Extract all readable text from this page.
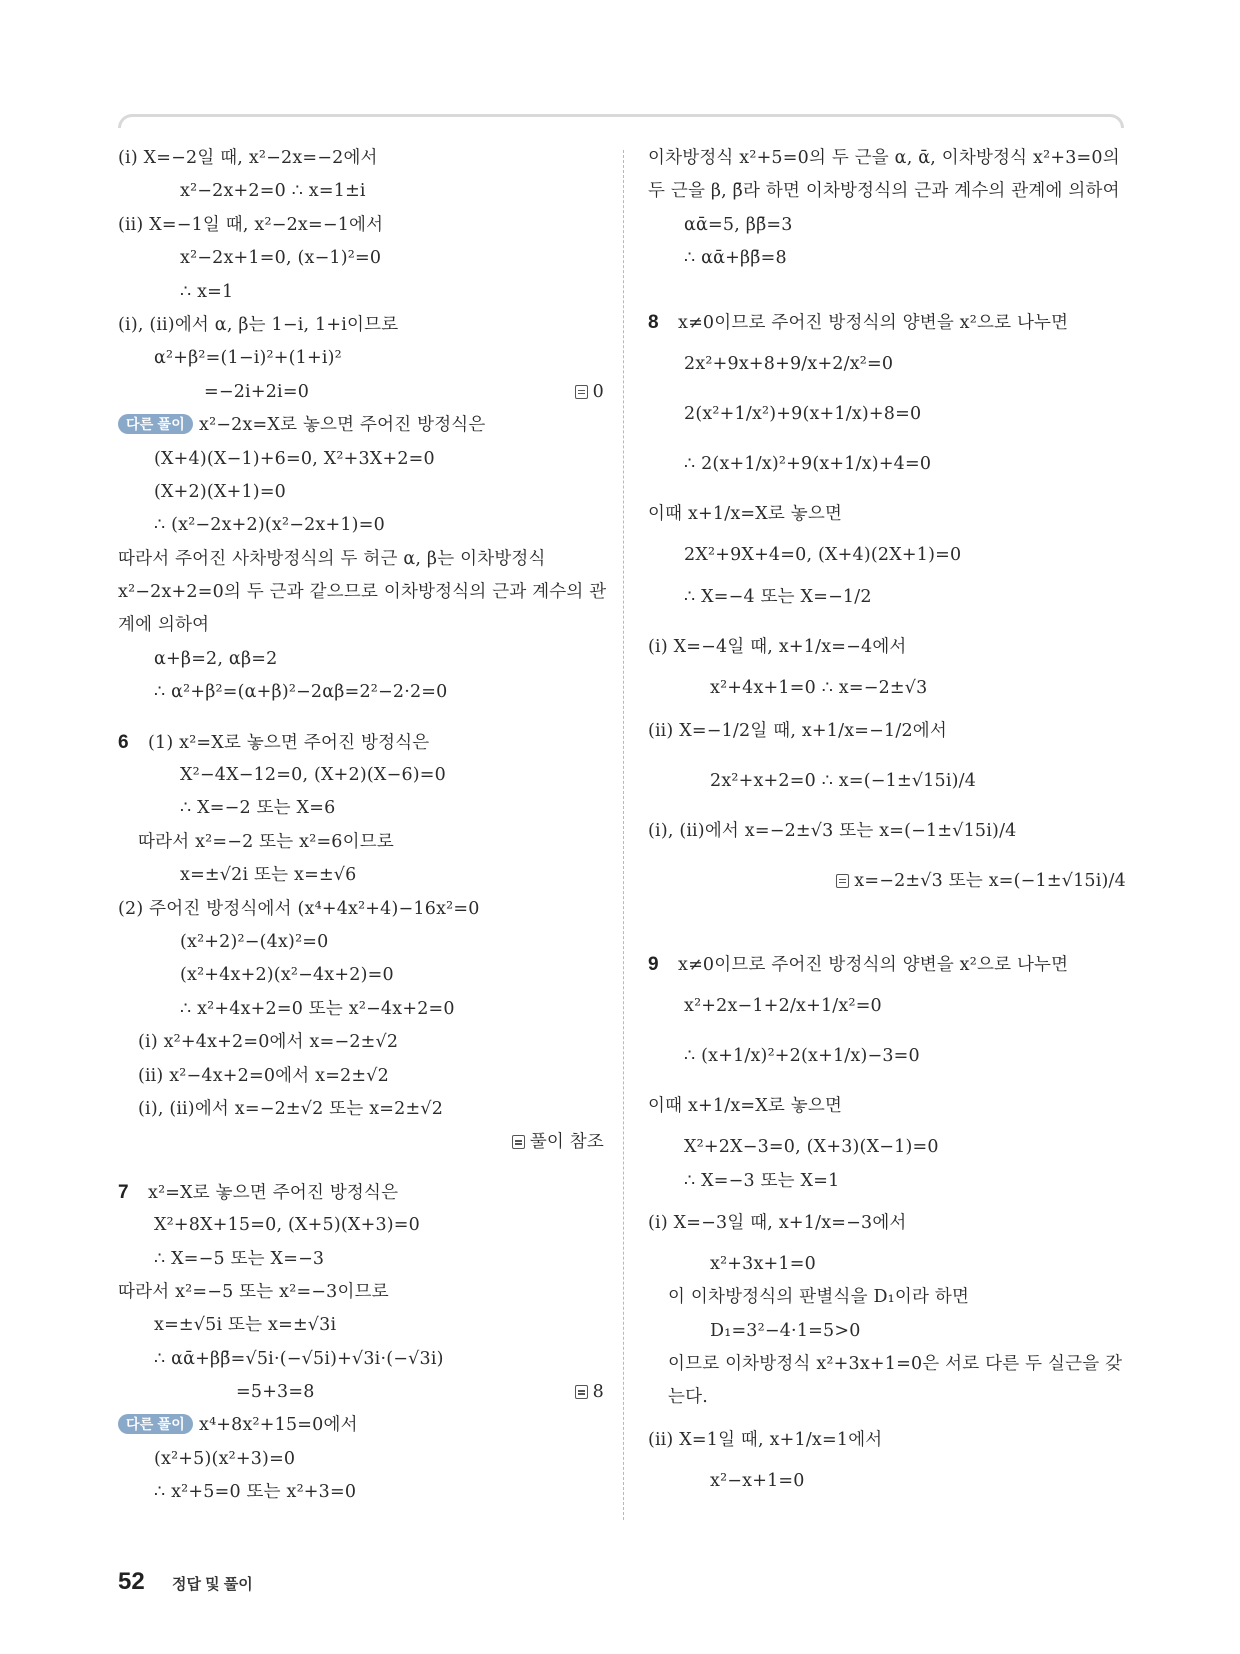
(ⅰ) X=−2일 때, x²−2x=−2에서
x²−2x+2=0 ∴ x=1±i
(ⅱ) X=−1일 때, x²−2x=−1에서
x²−2x+1=0, (x−1)²=0
∴ x=1
(ⅰ), (ⅱ)에서 α, β는 1−i, 1+i이므로
α²+β²=(1−i)²+(1+i)²
=−2i+2i=0	0
다른 풀이 x²−2x=X로 놓으면 주어진 방정식은
(X+4)(X−1)+6=0, X²+3X+2=0
(X+2)(X+1)=0
∴ (x²−2x+2)(x²−2x+1)=0
따라서 주어진 사차방정식의 두 허근 α, β는 이차방정식
x²−2x+2=0의 두 근과 같으므로 이차방정식의 근과 계수의 관
계에 의하여
α+β=2, αβ=2
∴ α²+β²=(α+β)²−2αβ=2²−2·2=0
6 (1) x²=X로 놓으면 주어진 방정식은
X²−4X−12=0, (X+2)(X−6)=0
∴ X=−2 또는 X=6
따라서 x²=−2 또는 x²=6이므로
x=±√2i 또는 x=±√6
(2) 주어진 방정식에서 (x⁴+4x²+4)−16x²=0
(x²+2)²−(4x)²=0
(x²+4x+2)(x²−4x+2)=0
∴ x²+4x+2=0 또는 x²−4x+2=0
(ⅰ) x²+4x+2=0에서 x=−2±√2
(ⅱ) x²−4x+2=0에서 x=2±√2
(ⅰ), (ⅱ)에서 x=−2±√2 또는 x=2±√2
풀이 참조
7 x²=X로 놓으면 주어진 방정식은
X²+8X+15=0, (X+5)(X+3)=0
∴ X=−5 또는 X=−3
따라서 x²=−5 또는 x²=−3이므로
x=±√5i 또는 x=±√3i
∴ αᾱ+ββ̄=√5i·(−√5i)+√3i·(−√3i)
=5+3=8	8
다른 풀이 x⁴+8x²+15=0에서
(x²+5)(x²+3)=0
∴ x²+5=0 또는 x²+3=0
이차방정식 x²+5=0의 두 근을 α, ᾱ, 이차방정식 x²+3=0의
두 근을 β, β̄라 하면 이차방정식의 근과 계수의 관계에 의하여
αᾱ=5, ββ̄=3
∴ αᾱ+ββ̄=8
8 x≠0이므로 주어진 방정식의 양변을 x²으로 나누면
2x²+9x+8+9/x+2/x²=0
2(x²+1/x²)+9(x+1/x)+8=0
∴ 2(x+1/x)²+9(x+1/x)+4=0
이때 x+1/x=X로 놓으면
2X²+9X+4=0, (X+4)(2X+1)=0
∴ X=−4 또는 X=−1/2
(ⅰ) X=−4일 때, x+1/x=−4에서
x²+4x+1=0 ∴ x=−2±√3
(ⅱ) X=−1/2일 때, x+1/x=−1/2에서
2x²+x+2=0 ∴ x=(−1±√15i)/4
(ⅰ), (ⅱ)에서 x=−2±√3 또는 x=(−1±√15i)/4
x=−2±√3 또는 x=(−1±√15i)/4
9 x≠0이므로 주어진 방정식의 양변을 x²으로 나누면
x²+2x−1+2/x+1/x²=0
∴ (x+1/x)²+2(x+1/x)−3=0
이때 x+1/x=X로 놓으면
X²+2X−3=0, (X+3)(X−1)=0
∴ X=−3 또는 X=1
(ⅰ) X=−3일 때, x+1/x=−3에서
x²+3x+1=0
이 이차방정식의 판별식을 D₁이라 하면
D₁=3²−4·1=5>0
이므로 이차방정식 x²+3x+1=0은 서로 다른 두 실근을 갖
는다.
(ⅱ) X=1일 때, x+1/x=1에서
x²−x+1=0
52 정답 및 풀이
